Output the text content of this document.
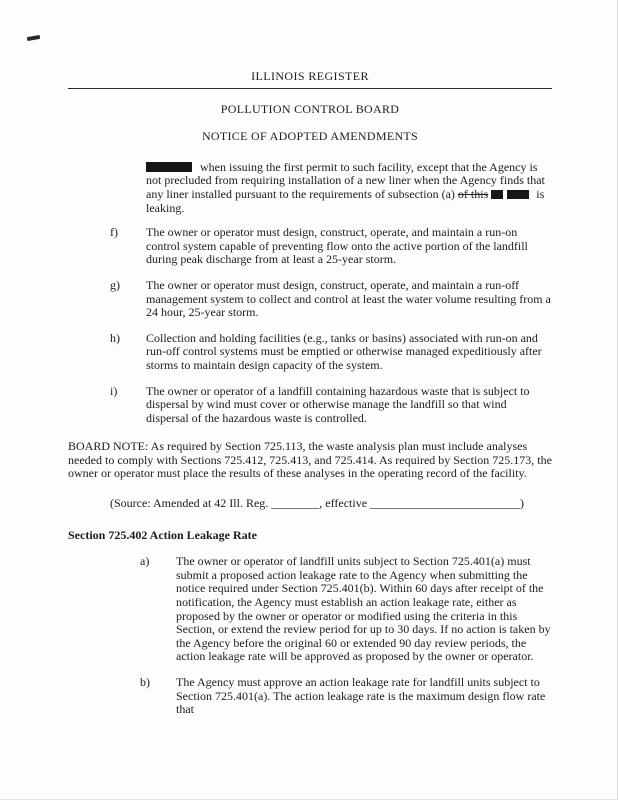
ILLINOIS REGISTER
POLLUTION CONTROL BOARD
NOTICE OF ADOPTED AMENDMENTS

when issuing the first permit to such facility, except that the Agency is not precluded from requiring installation of a new liner when the Agency finds that any liner installed pursuant to the requirements of subsection (a) of this	is leaking.

f)	The owner or operator must design, construct, operate, and maintain a run-on control system capable of preventing flow onto the active portion of the landfill during peak discharge from at least a 25-year storm.
g)	The owner or operator must design, construct, operate, and maintain a run-off management system to collect and control at least the water volume resulting from a 24 hour, 25-year storm.
h)	Collection and holding facilities (e.g., tanks or basins) associated with run-on and run-off control systems must be emptied or otherwise managed expeditiously after storms to maintain design capacity of the system.
i)	The owner or operator of a landfill containing hazardous waste that is subject to dispersal by wind must cover or otherwise manage the landfill so that wind dispersal of the hazardous waste is controlled.

BOARD NOTE: As required by Section 725.113, the waste analysis plan must include analyses needed to comply with Sections 725.412, 725.413, and 725.414. As required by Section 725.173, the owner or operator must place the results of these analyses in the operating record of the facility.

(Source: Amended at 42 Ill. Reg. ________, effective _________________________)

Section 725.402 Action Leakage Rate
a)	The owner or operator of landfill units subject to Section 725.401(a) must submit a proposed action leakage rate to the Agency when submitting the notice required under Section 725.401(b). Within 60 days after receipt of the notification, the Agency must establish an action leakage rate, either as proposed by the owner or operator or modified using the criteria in this Section, or extend the review period for up to 30 days. If no action is taken by the Agency before the original 60 or extended 90 day review periods, the action leakage rate will be approved as proposed by the owner or operator.
b)	The Agency must approve an action leakage rate for landfill units subject to Section 725.401(a). The action leakage rate is the maximum design flow rate that
